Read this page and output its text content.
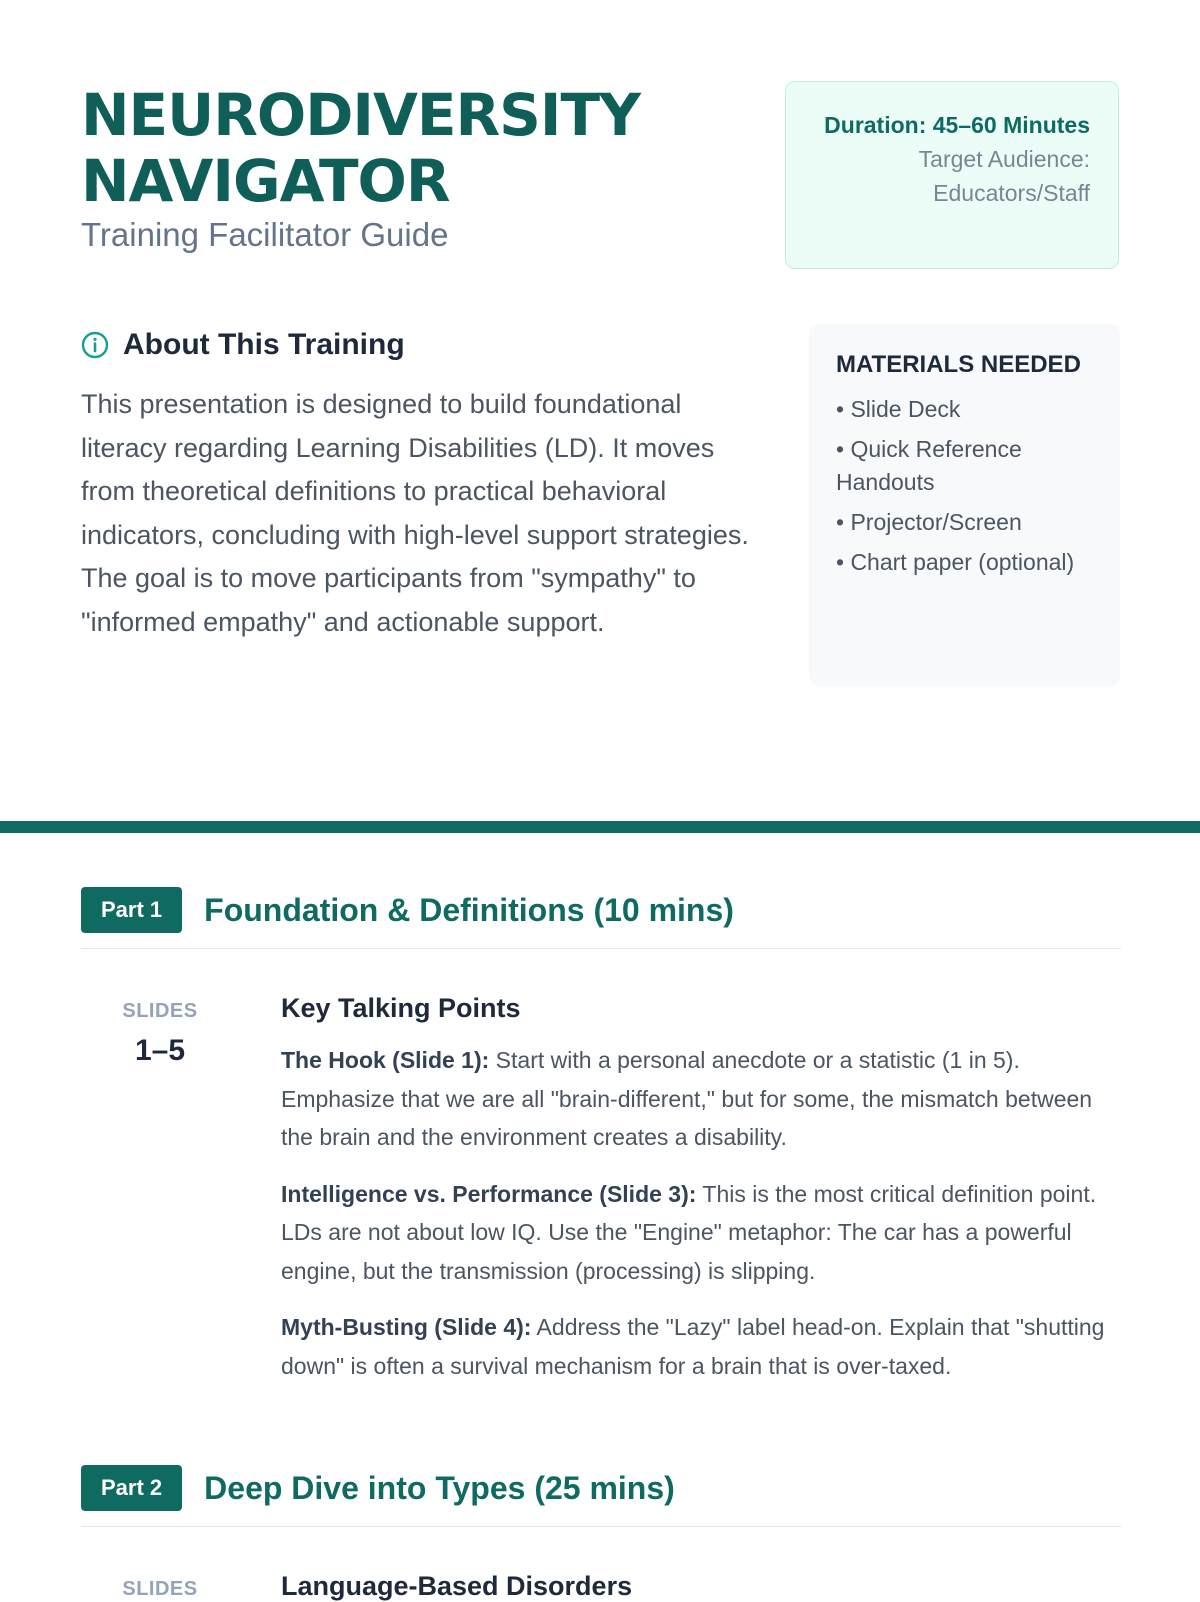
NEURODIVERSITY
NAVIGATOR
Training Facilitator Guide
Duration: 45–60 Minutes
Target Audience: Educators/Staff
About This Training
This presentation is designed to build foundational literacy regarding Learning Disabilities (LD). It moves from theoretical definitions to practical behavioral indicators, concluding with high-level support strategies. The goal is to move participants from "sympathy" to "informed empathy" and actionable support.
MATERIALS NEEDED
• Slide Deck
• Quick Reference Handouts
• Projector/Screen
• Chart paper (optional)
Part 1	Foundation & Definitions (10 mins)
SLIDES
1–5
Key Talking Points

The Hook (Slide 1): Start with a personal anecdote or a statistic (1 in 5). Emphasize that we are all "brain-different," but for some, the mismatch between the brain and the environment creates a disability.

Intelligence vs. Performance (Slide 3): This is the most critical definition point. LDs are not about low IQ. Use the "Engine" metaphor: The car has a powerful engine, but the transmission (processing) is slipping.

Myth-Busting (Slide 4): Address the "Lazy" label head-on. Explain that "shutting down" is often a survival mechanism for a brain that is over-taxed.

Part 2	Deep Dive into Types (25 mins)
SLIDES	Language-Based Disorders
